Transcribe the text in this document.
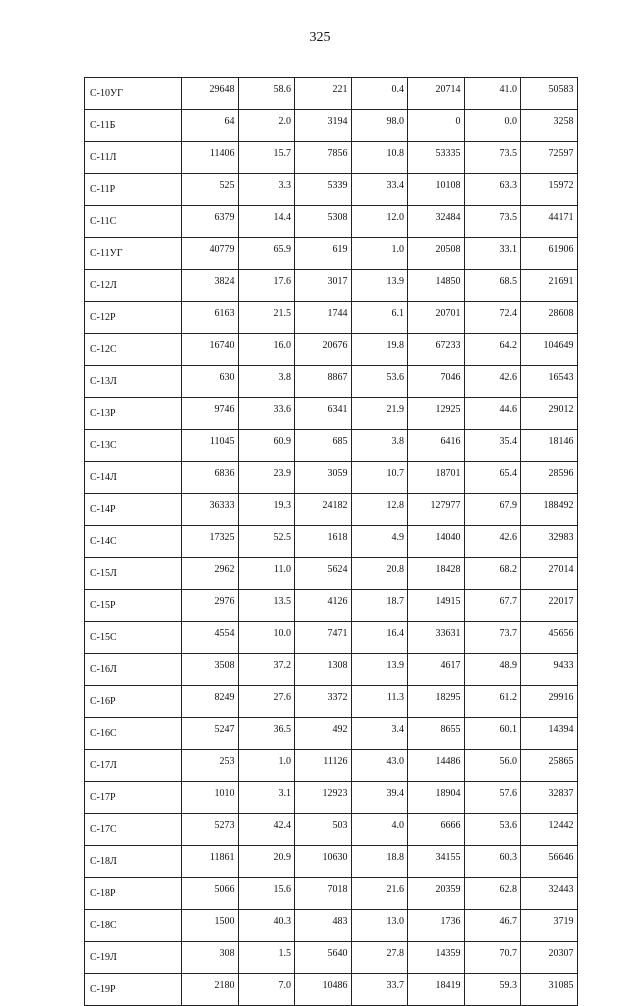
325
С-10УГ	29648	58.6	221	0.4	20714	41.0	50583
С-11Б	64	2.0	3194	98.0	0	0.0	3258
С-11Л	11406	15.7	7856	10.8	53335	73.5	72597
С-11Р	525	3.3	5339	33.4	10108	63.3	15972
С-11С	6379	14.4	5308	12.0	32484	73.5	44171
С-11УГ	40779	65.9	619	1.0	20508	33.1	61906
С-12Л	3824	17.6	3017	13.9	14850	68.5	21691
С-12Р	6163	21.5	1744	6.1	20701	72.4	28608
С-12С	16740	16.0	20676	19.8	67233	64.2	104649
С-13Л	630	3.8	8867	53.6	7046	42.6	16543
С-13Р	9746	33.6	6341	21.9	12925	44.6	29012
С-13С	11045	60.9	685	3.8	6416	35.4	18146
С-14Л	6836	23.9	3059	10.7	18701	65.4	28596
С-14Р	36333	19.3	24182	12.8	127977	67.9	188492
С-14С	17325	52.5	1618	4.9	14040	42.6	32983
С-15Л	2962	11.0	5624	20.8	18428	68.2	27014
С-15Р	2976	13.5	4126	18.7	14915	67.7	22017
С-15С	4554	10.0	7471	16.4	33631	73.7	45656
С-16Л	3508	37.2	1308	13.9	4617	48.9	9433
С-16Р	8249	27.6	3372	11.3	18295	61.2	29916
С-16С	5247	36.5	492	3.4	8655	60.1	14394
С-17Л	253	1.0	11126	43.0	14486	56.0	25865
С-17Р	1010	3.1	12923	39.4	18904	57.6	32837
С-17С	5273	42.4	503	4.0	6666	53.6	12442
С-18Л	11861	20.9	10630	18.8	34155	60.3	56646
С-18Р	5066	15.6	7018	21.6	20359	62.8	32443
С-18С	1500	40.3	483	13.0	1736	46.7	3719
С-19Л	308	1.5	5640	27.8	14359	70.7	20307
С-19Р	2180	7.0	10486	33.7	18419	59.3	31085
